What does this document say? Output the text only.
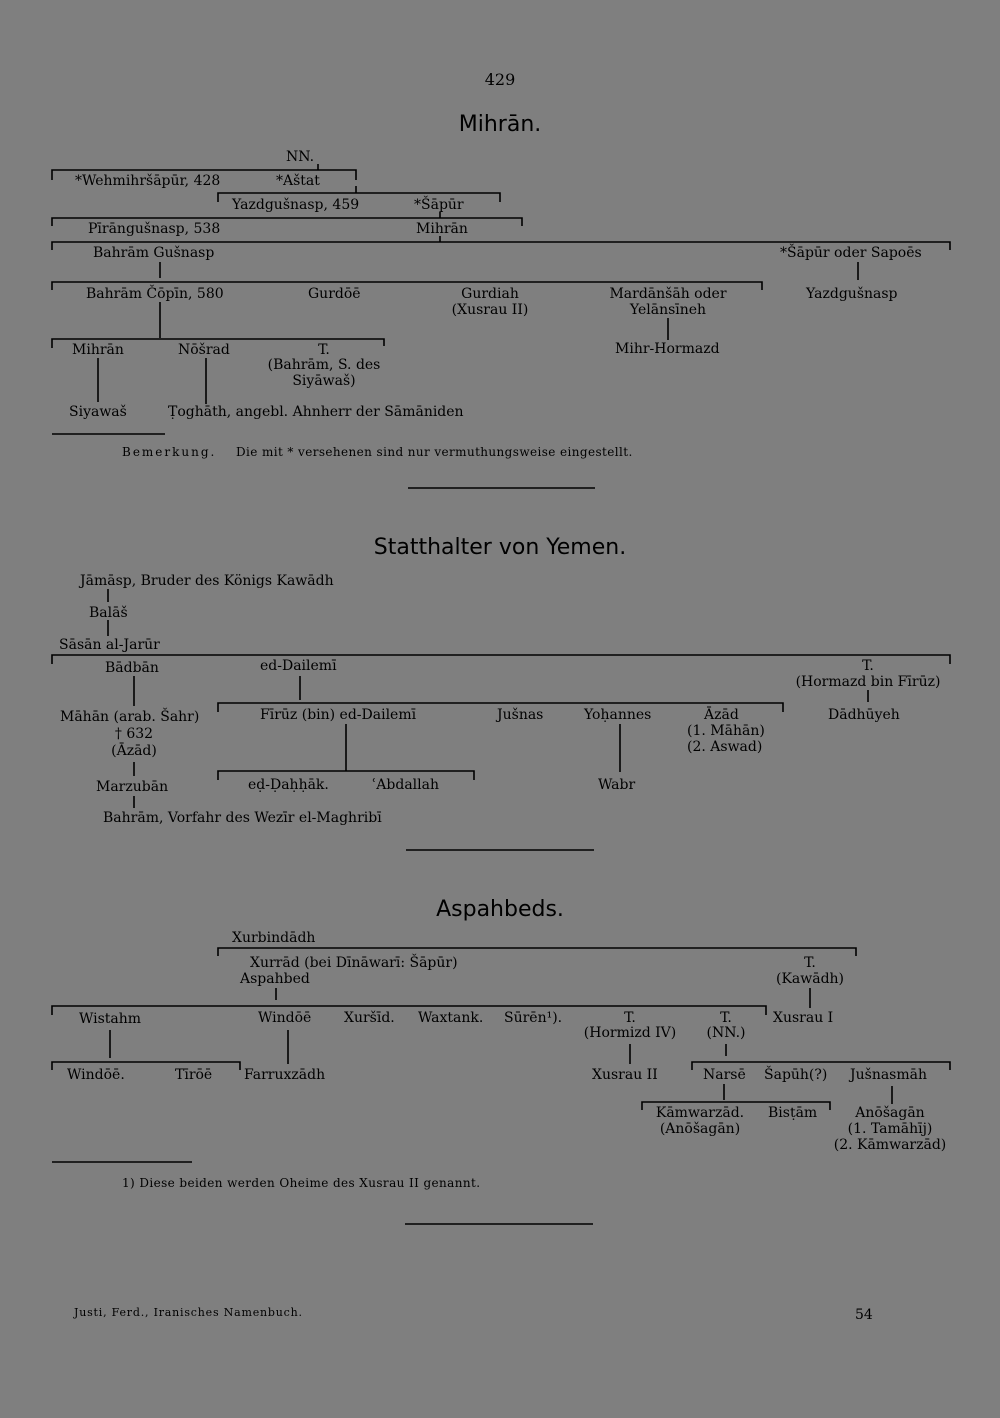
429
Mihrān.
NN.
*Wehmihršāpūr, 428	*Aštat
Yazdgušnasp, 459	*Šāpūr
Pīrāngušnasp, 538	Mihrān
Bahrām Gušnasp	*Šāpūr oder Sapoēs
Bahrām Čōpīn, 580	Gurdōē	Gurdiah
(Xusrau II)
Mardānšāh oder
Yelānsīneh
Yazdgušnasp
Mihrān	Nōšrad	T.
(Bahrām, S. des
Siyāwaš)
Mihr-Hormazd
Siyawaš	Ṭoghāth, angebl. Ahnherr der Sāmāniden
Bemerkung. Die mit * versehenen sind nur vermuthungsweise eingestellt.
Statthalter von Yemen.
Jāmāsp, Bruder des Königs Kawādh
Balāš
Sāsān al-Jarūr
Bādbān	ed-Dailemī	T.
(Hormazd bin Fīrūz)
Māhān (arab. Šahr)
† 632
(Āzād)
Fīrūz (bin) ed-Dailemī	Jušnas	Yoḥannes	Āzād
(1. Māhān)
(2. Aswad)
Dādhūyeh
Marzubān	eḍ-Ḍaḥḥāk.	ʿAbdallah	Wabr
Bahrām, Vorfahr des Wezīr el-Maghribī
Aspahbeds.
Xurbindādh
Xurrād (bei Dīnāwarī: Šāpūr)
Aspahbed
T.
(Kawādh)
Wistahm	Windōē Xuršīd. Waxtank. Sūrēn¹).	T.
(Hormizd IV)
T.
(NN.)
Xusrau I
Windōē.	Tīrōē Farruxzādh	Xusrau II	Narsē Šapūh(?) Jušnasmāh
Kāmwarzād.
(Anōšagān)
Bisṭām	Anōšagān
(1. Tamāhīj)
(2. Kāmwarzād)
1) Diese beiden werden Oheime des Xusrau II genannt.
Justi, Ferd., Iranisches Namenbuch.	54
